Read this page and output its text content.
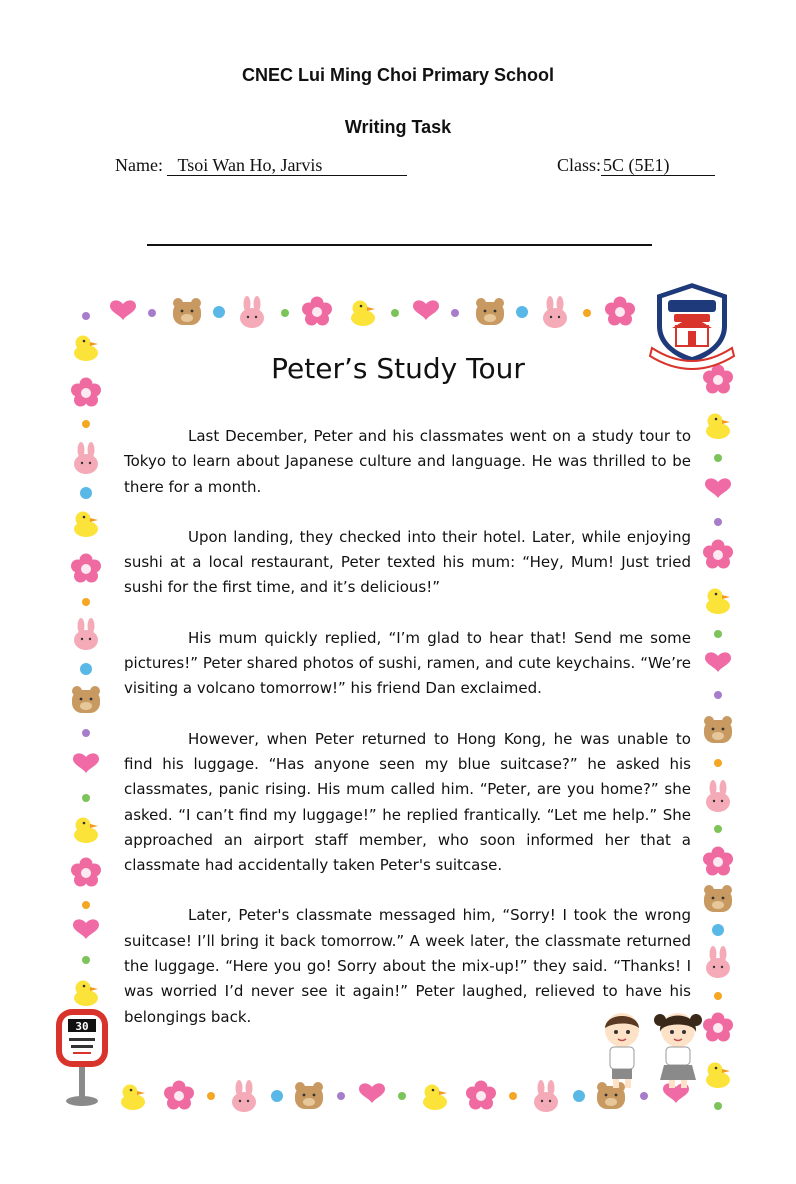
CNEC Lui Ming Choi Primary School
Writing Task
Name: Tsoi Wan Ho, Jarvis	Class: 5C (5E1)
Peter’s Study Tour

Last December, Peter and his classmates went on a study tour to Tokyo to learn about Japanese culture and language. He was thrilled to be there for a month.

Upon landing, they checked into their hotel. Later, while enjoying sushi at a local restaurant, Peter texted his mum: “Hey, Mum! Just tried sushi for the first time, and it’s delicious!”

His mum quickly replied, “I’m glad to hear that! Send me some pictures!” Peter shared photos of sushi, ramen, and cute keychains. “We’re visiting a volcano tomorrow!” his friend Dan exclaimed.

However, when Peter returned to Hong Kong, he was unable to find his luggage. “Has anyone seen my blue suitcase?” he asked his classmates, panic rising. His mum called him. “Peter, are you home?” she asked. “I can’t find my luggage!” he replied frantically. “Let me help.” She approached an airport staff member, who soon informed her that a classmate had accidentally taken Peter's suitcase.

Later, Peter's classmate messaged him, “Sorry! I took the wrong suitcase! I’ll bring it back tomorrow.” A week later, the classmate returned the luggage. “Here you go! Sorry about the mix-up!” they said. “Thanks! I was worried I’d never see it again!” Peter laughed, relieved to have his belongings back.

30
